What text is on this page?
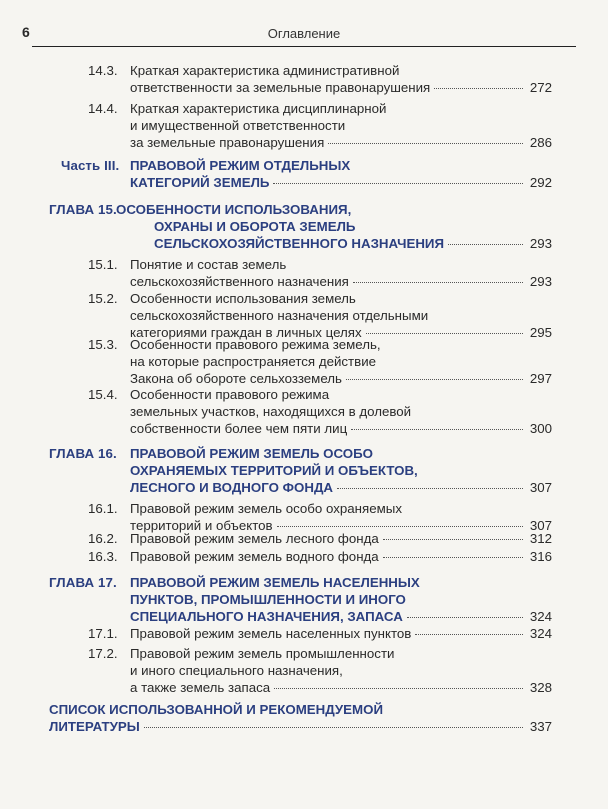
6	Оглавление
14.3. Краткая характеристика административной
ответственности за земельные правонарушения	272
14.4. Краткая характеристика дисциплинарной
и имущественной ответственности
за земельные правонарушения	286
Часть III. ПРАВОВОЙ РЕЖИМ ОТДЕЛЬНЫХ
КАТЕГОРИЙ ЗЕМЕЛЬ	292
ГЛАВА 15. ОСОБЕННОСТИ ИСПОЛЬЗОВАНИЯ,
ОХРАНЫ И ОБОРОТА ЗЕМЕЛЬ
СЕЛЬСКОХОЗЯЙСТВЕННОГО НАЗНАЧЕНИЯ	293
15.1. Понятие и состав земель
сельскохозяйственного назначения	293
15.2. Особенности использования земель
сельскохозяйственного назначения отдельными
категориями граждан в личных целях	295
15.3. Особенности правового режима земель,
на которые распространяется действие
Закона об обороте сельхозземель	297
15.4. Особенности правового режима
земельных участков, находящихся в долевой
собственности более чем пяти лиц	300
ГЛАВА 16. ПРАВОВОЙ РЕЖИМ ЗЕМЕЛЬ ОСОБО
ОХРАНЯЕМЫХ ТЕРРИТОРИЙ И ОБЪЕКТОВ,
ЛЕСНОГО И ВОДНОГО ФОНДА	307
16.1. Правовой режим земель особо охраняемых
территорий и объектов	307
16.2. Правовой режим земель лесного фонда	312
16.3. Правовой режим земель водного фонда	316
ГЛАВА 17. ПРАВОВОЙ РЕЖИМ ЗЕМЕЛЬ НАСЕЛЕННЫХ
ПУНКТОВ, ПРОМЫШЛЕННОСТИ И ИНОГО
СПЕЦИАЛЬНОГО НАЗНАЧЕНИЯ, ЗАПАСА	324
17.1. Правовой режим земель населенных пунктов	324
17.2. Правовой режим земель промышленности
и иного специального назначения,
а также земель запаса	328
СПИСОК ИСПОЛЬЗОВАННОЙ И РЕКОМЕНДУЕМОЙ
ЛИТЕРАТУРЫ	337
